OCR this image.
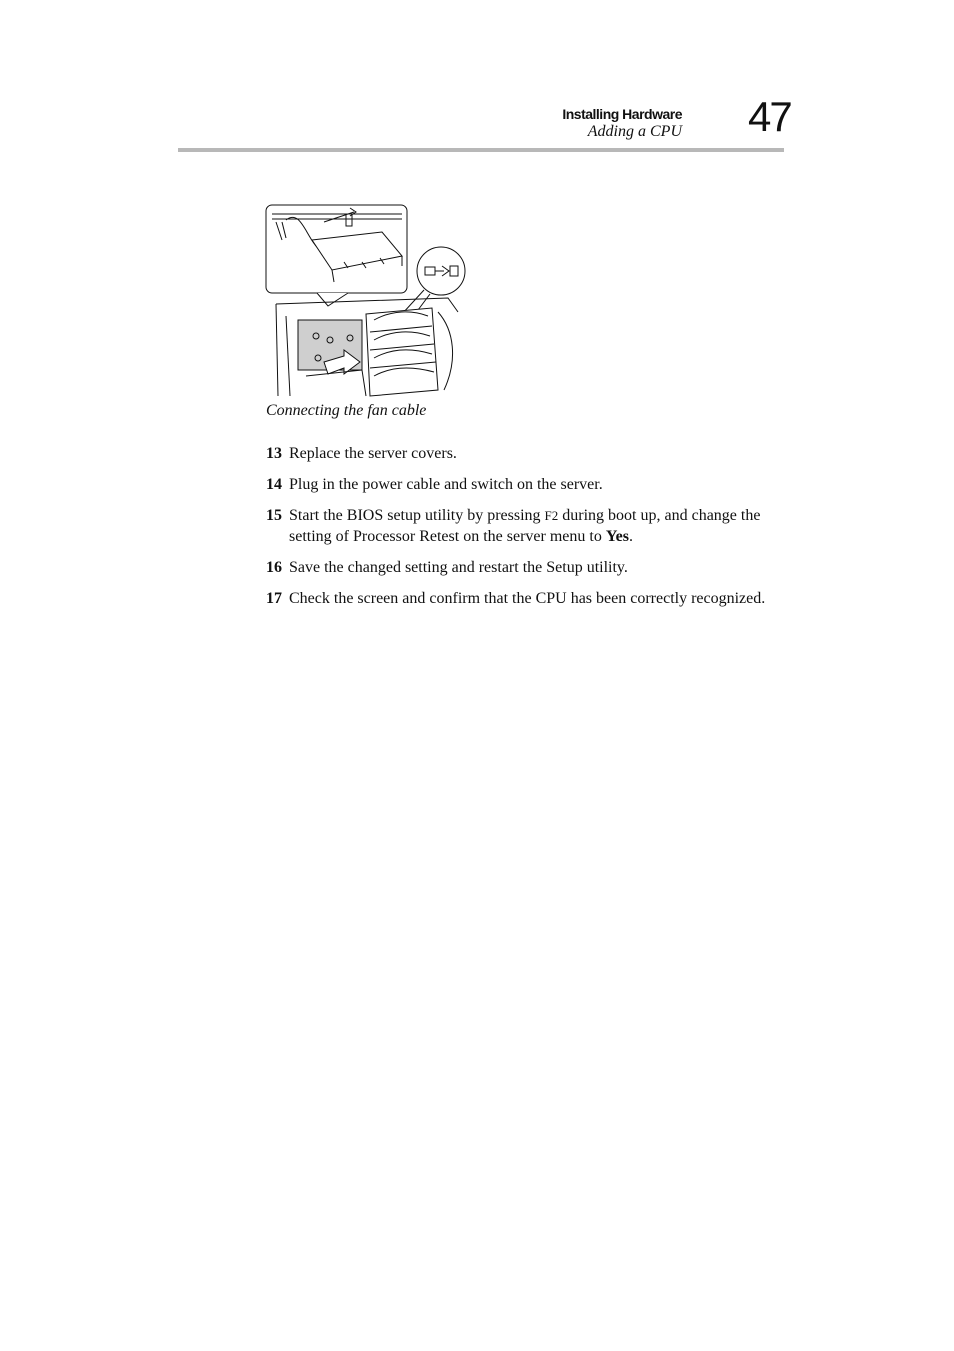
Installing Hardware
Adding a CPU 47
Connecting the fan cable
13 Replace the server covers.
14 Plug in the power cable and switch on the server.
15 Start the BIOS setup utility by pressing F2 during boot up, and change the setting of Processor Retest on the server menu to Yes.
16 Save the changed setting and restart the Setup utility.
17 Check the screen and confirm that the CPU has been correctly recognized.
